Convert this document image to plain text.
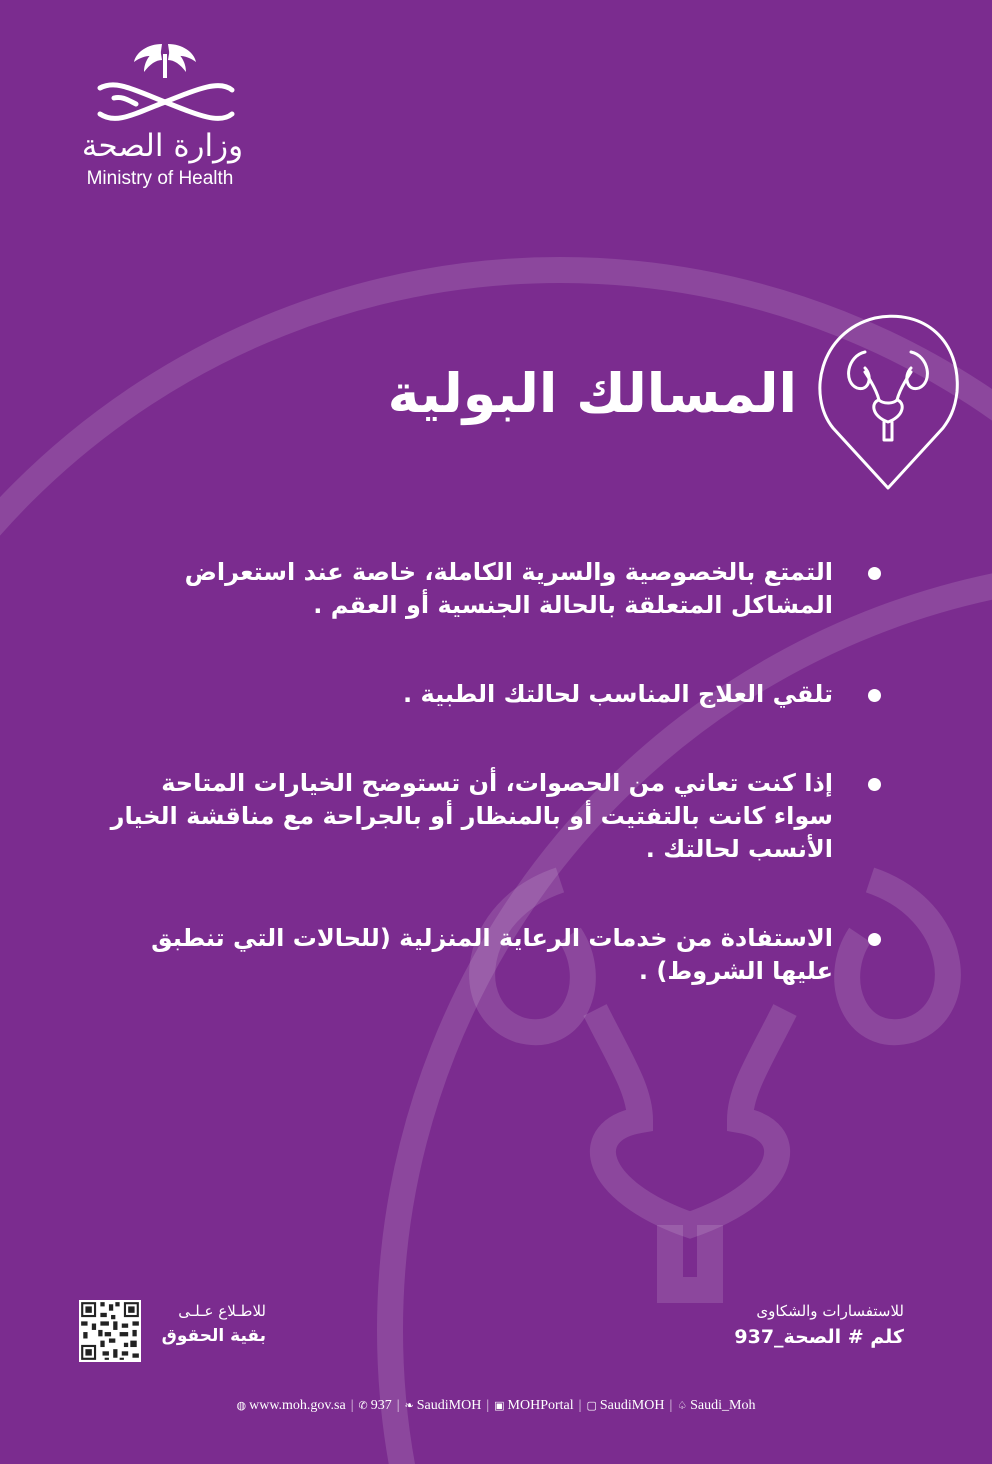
وزارة الصحة
Ministry of Health
المسالك البولية
التمتع بالخصوصية والسرية الكاملة، خاصة عند استعراض المشاكل المتعلقة بالحالة الجنسية أو العقم .
تلقي العلاج المناسب لحالتك الطبية .
إذا كنت تعاني من الحصوات، أن تستوضح الخيارات المتاحة سواء كانت بالتفتيت أو بالمنظار أو بالجراحة مع مناقشة الخيار الأنسب لحالتك .
الاستفادة من خدمات الرعاية المنزلية (للحالات التي تنطبق عليها الشروط) .
للاطـلاع عـلـى
بقية الحقوق
للاستفسارات والشكاوى
كلم # الصحة_937
◍ www.moh.gov.sa | ✆ 937 | ❧ SaudiMOH | ▣ MOHPortal | ▢ SaudiMOH | ♤ Saudi_Moh
